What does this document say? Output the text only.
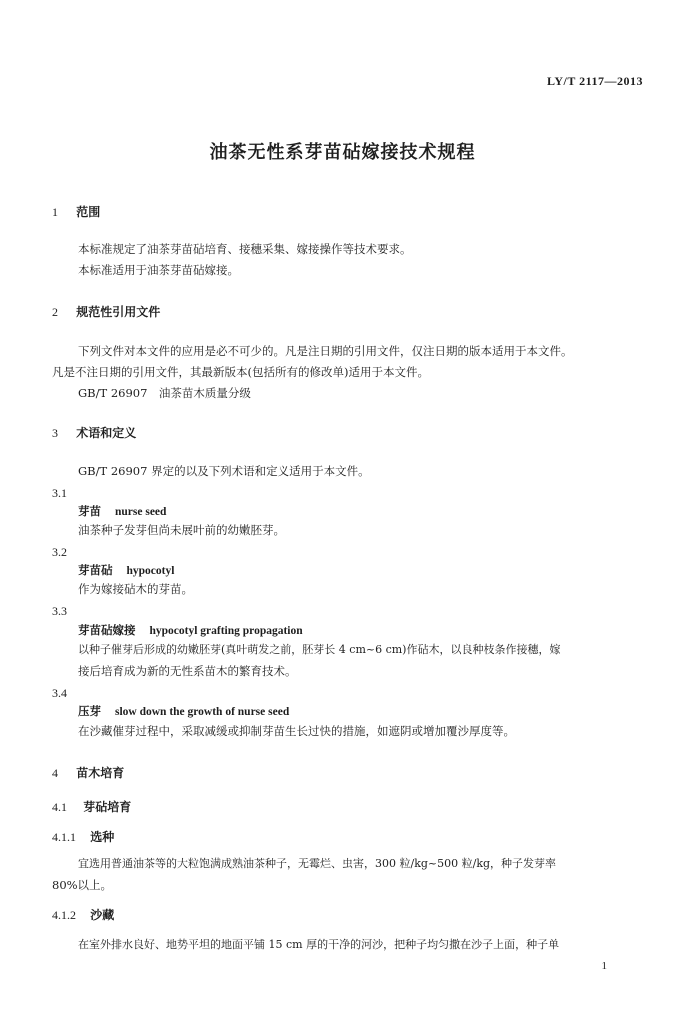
LY/T 2117—2013
油茶无性系芽苗砧嫁接技术规程
1 范围
本标准规定了油茶芽苗砧培育、接穗采集、嫁接操作等技术要求。
本标准适用于油茶芽苗砧嫁接。
2 规范性引用文件
下列文件对本文件的应用是必不可少的。凡是注日期的引用文件，仅注日期的版本适用于本文件。
凡是不注日期的引用文件，其最新版本(包括所有的修改单)适用于本文件。
GB/T 26907　油茶苗木质量分级
3 术语和定义
GB/T 26907 界定的以及下列术语和定义适用于本文件。
3.1
芽苗 nurse seed
油茶种子发芽但尚未展叶前的幼嫩胚芽。
3.2
芽苗砧 hypocotyl
作为嫁接砧木的芽苗。
3.3
芽苗砧嫁接 hypocotyl grafting propagation
以种子催芽后形成的幼嫩胚芽(真叶萌发之前，胚芽长 4 cm~6 cm)作砧木，以良种枝条作接穗，嫁
接后培育成为新的无性系苗木的繁育技术。
3.4
压芽 slow down the growth of nurse seed
在沙藏催芽过程中，采取减缓或抑制芽苗生长过快的措施，如遮阴或增加覆沙厚度等。
4 苗木培育
4.1 芽砧培育
4.1.1 选种
宜选用普通油茶等的大粒饱满成熟油茶种子，无霉烂、虫害，300 粒/kg~500 粒/kg，种子发芽率
80%以上。
4.1.2 沙藏
在室外排水良好、地势平坦的地面平铺 15 cm 厚的干净的河沙，把种子均匀撒在沙子上面，种子单
1
